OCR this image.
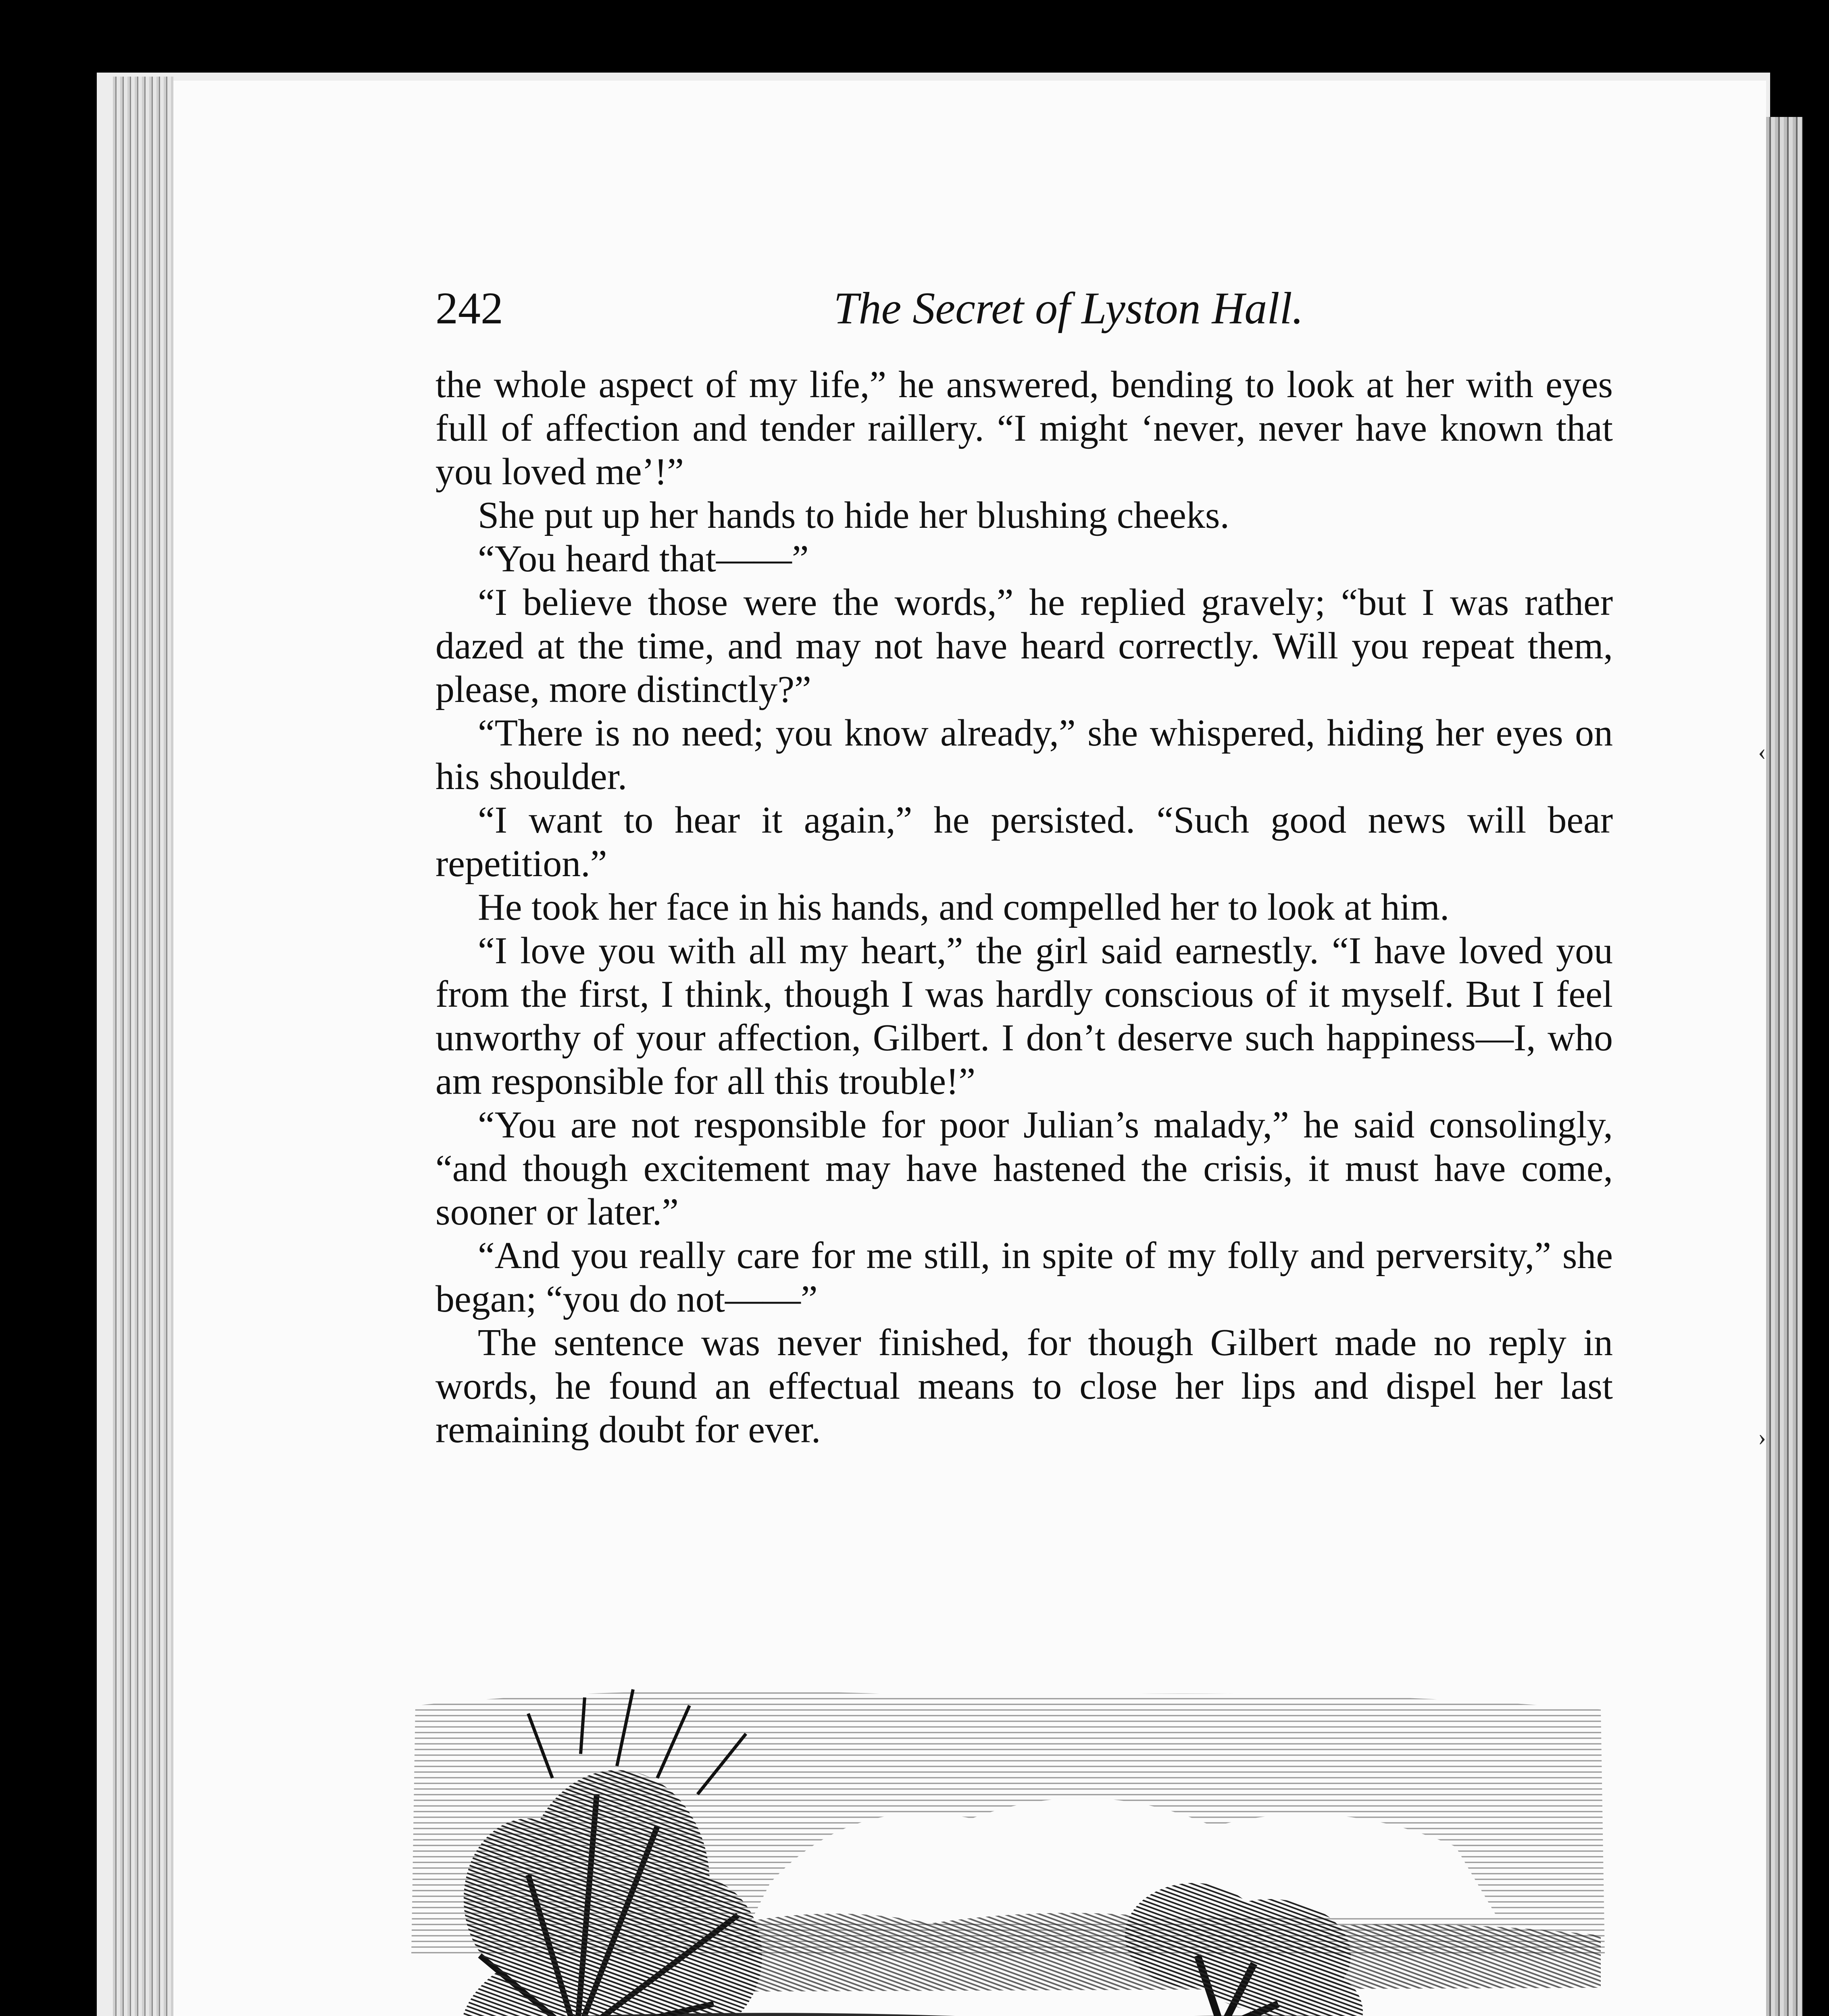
242	The Secret of Lyston Hall.

the whole aspect of my life,” he answered, bending to look at her with eyes full of affection and tender raillery. “I might ‘never, never have known that you loved me’!”

She put up her hands to hide her blushing cheeks.

“You heard that——”

“I believe those were the words,” he replied gravely; “but I was rather dazed at the time, and may not have heard correctly. Will you repeat them, please, more distinctly?”

“There is no need; you know already,” she whispered, hiding her eyes on his shoulder.

“I want to hear it again,” he persisted. “Such good news will bear repetition.”

He took her face in his hands, and compelled her to look at him.

“I love you with all my heart,” the girl said earnestly. “I have loved you from the first, I think, though I was hardly conscious of it myself. But I feel unworthy of your affection, Gilbert. I don’t deserve such happiness—I, who am responsible for all this trouble!”

“You are not responsible for poor Julian’s malady,” he said consolingly, “and though excitement may have hastened the crisis, it must have come, sooner or later.”

“And you really care for me still, in spite of my folly and perversity,” she began; “you do not——”

The sentence was never finished, for though Gilbert made no reply in words, he found an effectual means to close her lips and dispel her last remaining doubt for ever.

‹
›
